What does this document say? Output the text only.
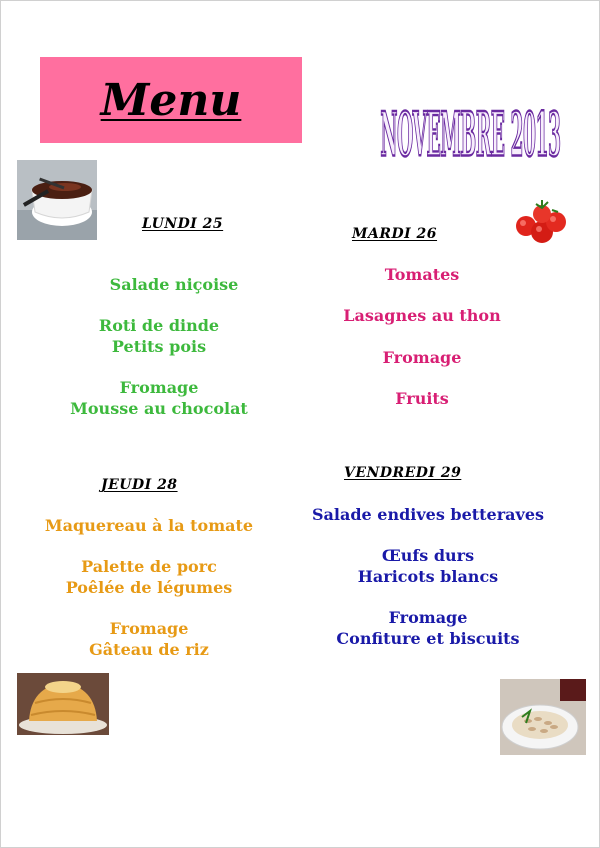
Menu	NOVEMBRE 2013
LUNDI 25
Salade niçoise
Roti de dinde
Petits pois
Fromage
Mousse au chocolat
MARDI 26
Tomates
Lasagnes au thon
Fromage
Fruits
JEUDI 28
Maquereau à la tomate
Palette de porc
Poêlée de légumes
Fromage
Gâteau de riz
VENDREDI 29
Salade endives betteraves
Œufs durs
Haricots blancs
Fromage
Confiture et biscuits
